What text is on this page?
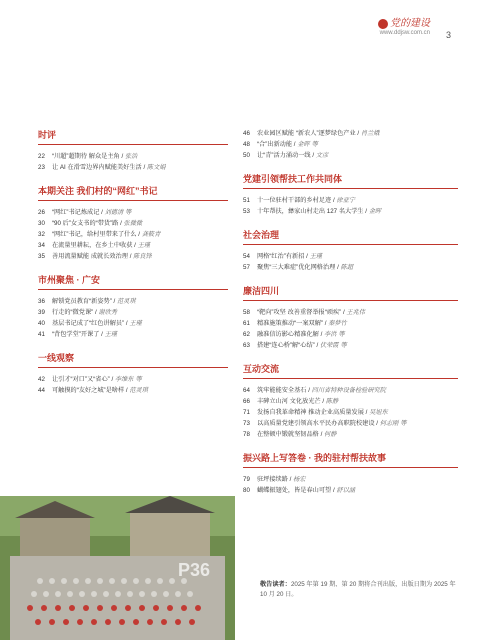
党的建设
www.ddjsw.com.cn 3
时评
22 “川超”超期待 解众是主角 / 张浩
23 让 AI 在滑雪边界内赋能美好生活 / 陈文娟
本期关注 我们村的“网红”书记
26 “网红”书记炼成记 / 刘德清 等
30 “90 后”女支书的“带货”路 / 张微微
32 “网红”书记，给村里带来了什么 / 龚筱青
34 在流量里耕耘，在乡土中收获 / 王瑾
35 善用流量赋能 成就长效治理 / 陈良锋
市州聚焦 · 广安
36 解锁党员教育“新姿势” / 范灵琪
39 行走的“微党课” / 谢欣秀
40 基层书记成了“红色讲解员” / 王瑾
41 “背包学堂”开课了 / 王瑾
一线观察
42 让引才“对口”又“省心” / 李维东 等
44 可触摸的“友好之城”是啥样 / 范灵琪
46 农业园区赋能 “新农人”逐梦绿色产业 / 肖兰娥
48 “合”出新动能 / 金晖 等
50 让“青”活力涌动一线 / 文彦
党建引领帮扶工作共同体
51 十一位驻村干部的乡村足迹 / 徐亚宁
53 十年帮扶，彝家山村走出 127 名大学生 / 金晖
社会治理
54 网格“红治”有新招 / 王瑾
57 聚焦“三大难症”优化网格治理 / 陈超
廉洁四川
58 “靶向”攻坚 改善重督举报“顽疾” / 王兆伟
61 精准施策推动“一案双解” / 秦梦竹
62 融准信访影心精准化解 / 李洪 等
63 搭建“连心桥”解“心结” / 伏荣霞 等
互动交流
64 筑牢能能安全基石 / 四川省特种设备检验研究院
66 丰碑立山河 文化放光芒 / 陈静
71 发扬自我革命精神 推动企业高质量发展 / 吴旭东
73 以高质量党建引领高水平民办高职院校建设 / 何志刚 等
78 在整顿中锻就坚韧品格 / 何静
振兴路上写答卷 · 我的驻村帮扶故事
79 驻坪接续路 / 杨宏
80 蝴蝶振翅处，皆是春山可望 / 舒以涵
P36
敬告读者：2025 年第 19 期、第 20 期将合刊出版，出版日期为 2025 年 10 月 20 日。
